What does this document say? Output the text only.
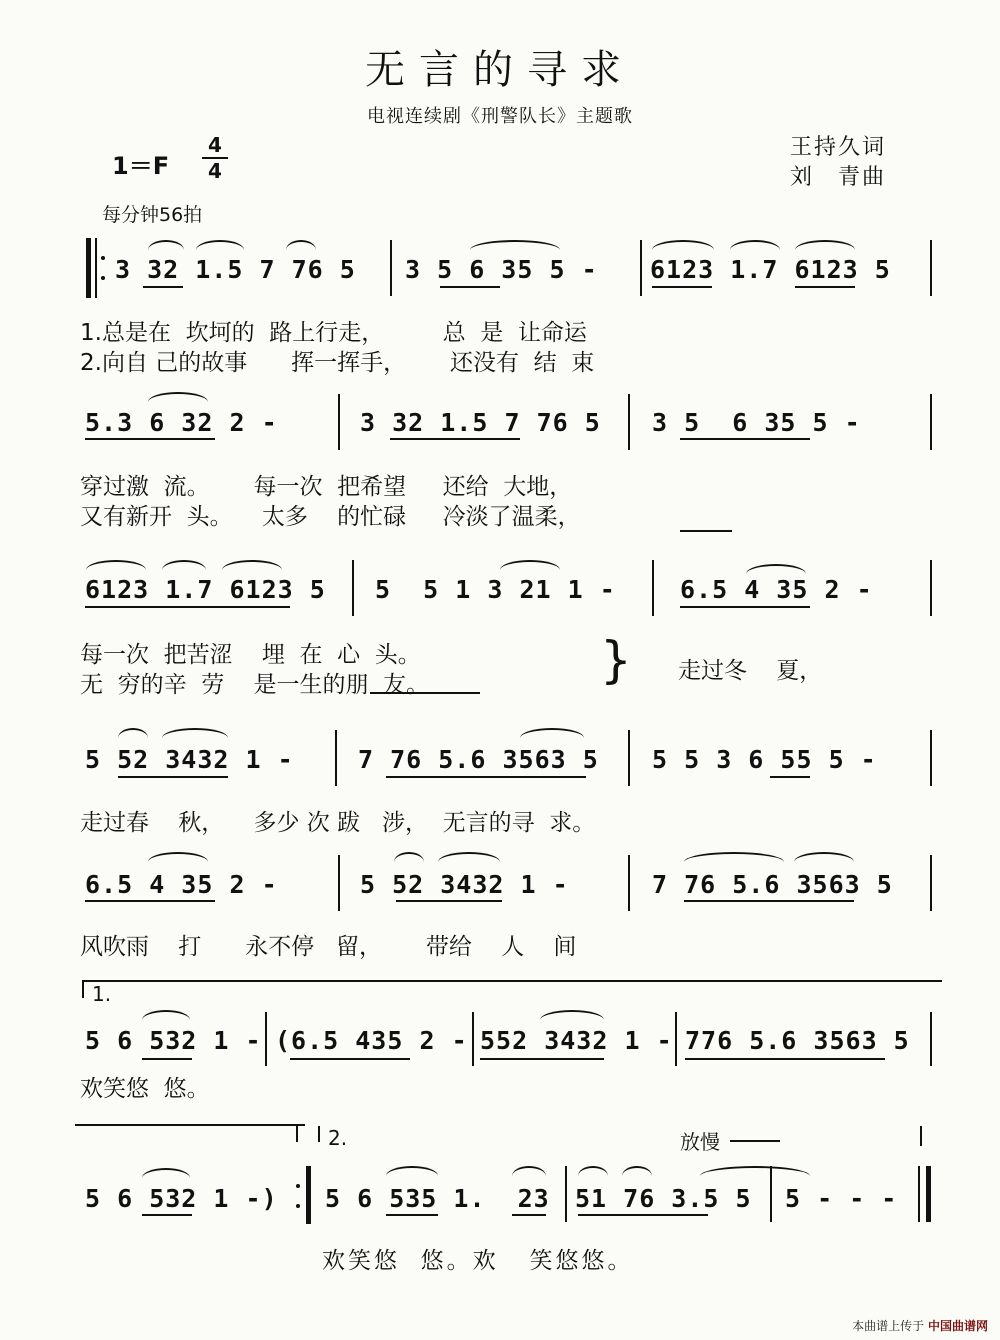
无言的寻求
电视连续剧《刑警队长》主题歌
王持久词
刘　青曲
1＝F
4
4
每分钟56拍
3 32 1.5 7 76 5 3 5 6 35 5 - 6123 1.7 6123 5
1.总是在  坎坷的  路上行走，        总  是  让命运
2.向自 己的故事      挥一挥手，      还没有  结  束
5.3 6 32 2 -	3 32 1.5 7 76 5 3 5  6 35 5 -
穿过激  流。      每一次  把希望     还给  大地，
又有新开  头。    太多    的忙碌     冷淡了温柔，
6123 1.7 6123 5 5  5 1 3 21 1 -	6.5 4 35 2 -
每一次  把苦涩    埋  在  心  头。
无  穷的辛  劳    是一生的朋  友。	} 走过冬    夏，
5 52 3432 1 -	7 76 5.6 3563 5 5 5 3 6 55 5 -
走过春    秋，    多少 次 跋   涉，  无言的寻  求。
6.5 4 35 2 -	5 52 3432 1 -	7 76 5.6 3563 5
风吹雨    打      永不停   留，      带给    人    间
1.
5 6 532 1 - (6.5 435 2 - 552 3432 1 - 776 5.6 3563 5
欢笑悠  悠。
2.	放慢
5 6 532 1 -) 5 6 535 1.  23 51 76 3.5 5 5 - - -
欢笑悠  悠。欢   笑悠悠。
本曲谱上传于 中国曲谱网
